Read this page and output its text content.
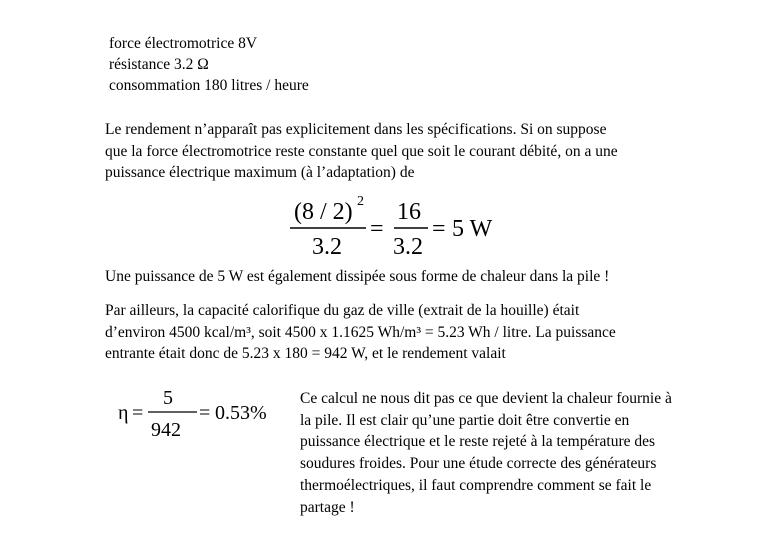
force électromotrice 8V
résistance 3.2 Ω
consommation 180 litres / heure
Le rendement n’apparaît pas explicitement dans les spécifications. Si on suppose
que la force électromotrice reste constante quel que soit le courant débité, on a une
puissance électrique maximum (à l’adaptation) de
(8 / 2) 2
3.2
=
16
3.2
= 5 W
Une puissance de 5 W est également dissipée sous forme de chaleur dans la pile !
Par ailleurs, la capacité calorifique du gaz de ville (extrait de la houille) était
d’environ 4500 kcal/m³, soit 4500 x 1.1625 Wh/m³ = 5.23 Wh / litre. La puissance
entrante était donc de 5.23 x 180 = 942 W, et le rendement valait
η =
5
942
= 0.53%
Ce calcul ne nous dit pas ce que devient la chaleur fournie à
la pile. Il est clair qu’une partie doit être convertie en
puissance électrique et le reste rejeté à la température des
soudures froides. Pour une étude correcte des générateurs
thermoélectriques, il faut comprendre comment se fait le
partage !
